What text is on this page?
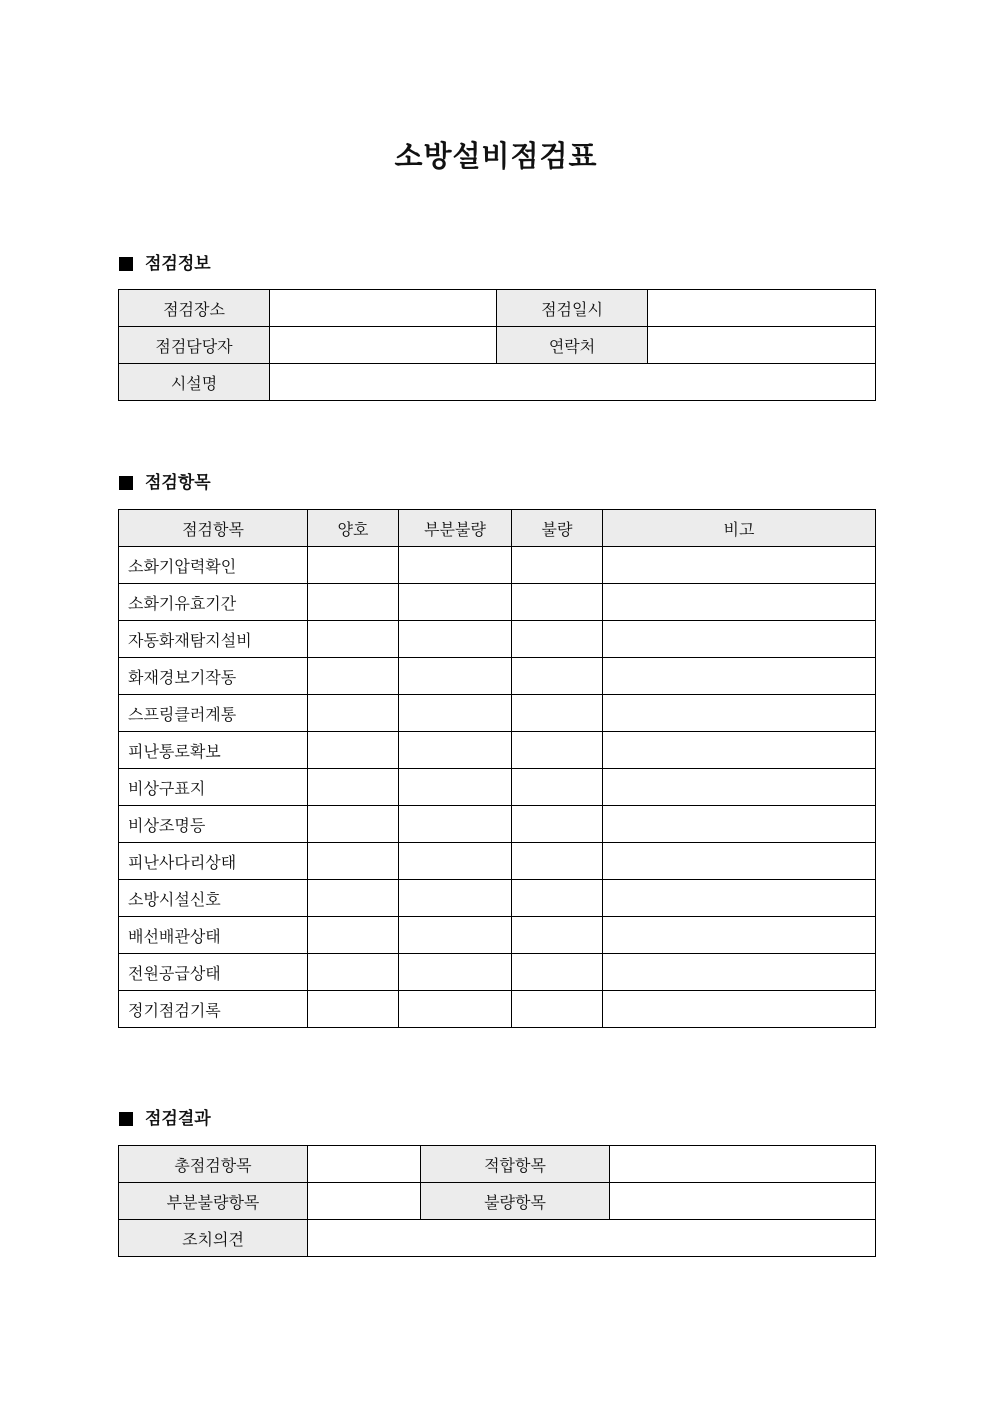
소방설비점검표
점검정보
점검장소		점검일시	
점검담당자		연락처	
시설명			
점검항목
점검항목	양호	부분불량	불량	비고
소화기압력확인				
소화기유효기간				
자동화재탐지설비				
화재경보기작동				
스프링클러계통				
피난통로확보				
비상구표지				
비상조명등				
피난사다리상태				
소방시설신호				
배선배관상태				
전원공급상태				
정기점검기록				
점검결과
총점검항목		적합항목	
부분불량항목		불량항목	
조치의견			
